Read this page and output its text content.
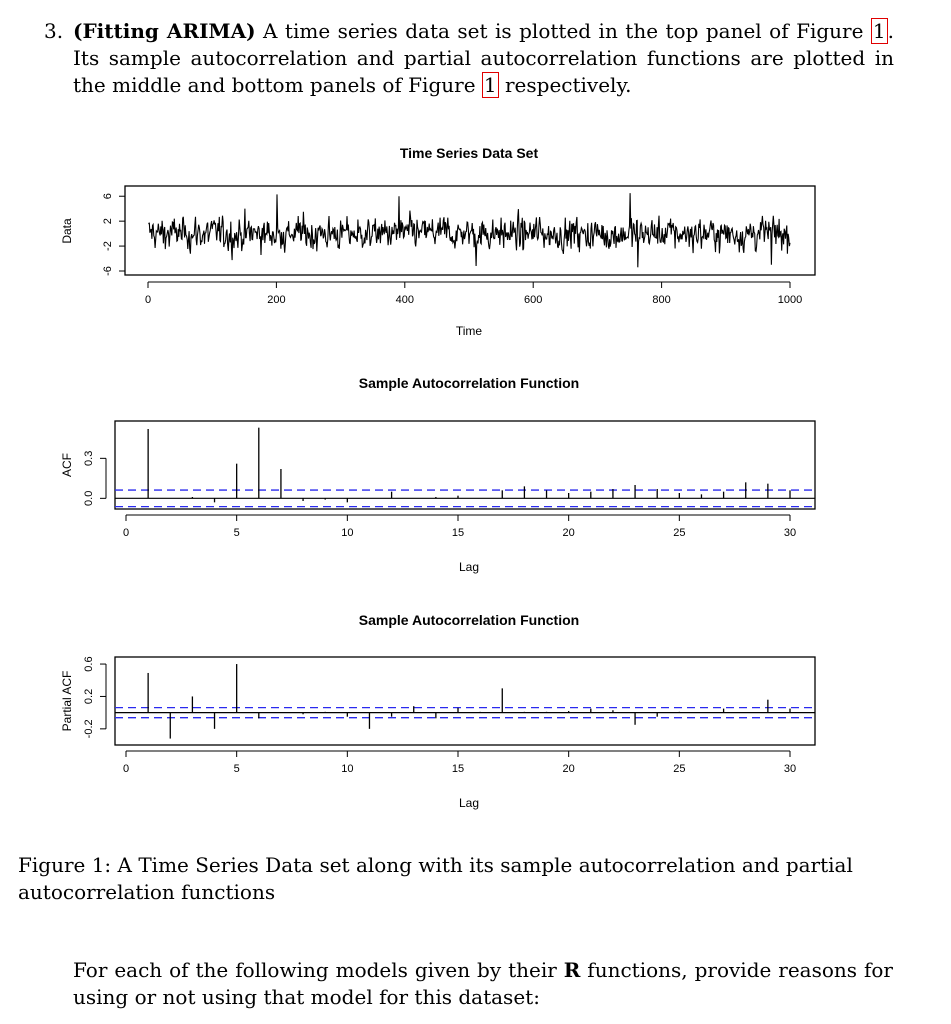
3. (Fitting ARIMA) A time series data set is plotted in the top panel of Figure 1 . Its sample autocorrelation and partial autocorrelation functions are plotted in the middle and bottom panels of Figure 1 respectively.
Time Series Data Set
0	200	400	600	800	1000
-6
-2
2
6
Time
Data
Sample Autocorrelation Function
0	5	10	15	20	25	30
0.0
0.3
Lag
ACF
Sample Autocorrelation Function
0	5	10	15	20	25	30
-0.2
0.2
0.6
Lag
Partial ACF
Figure 1: A Time Series Data set along with its sample autocorrelation and partial autocorrelation functions
For each of the following models given by their R functions, provide reasons for using or not using that model for this dataset:
